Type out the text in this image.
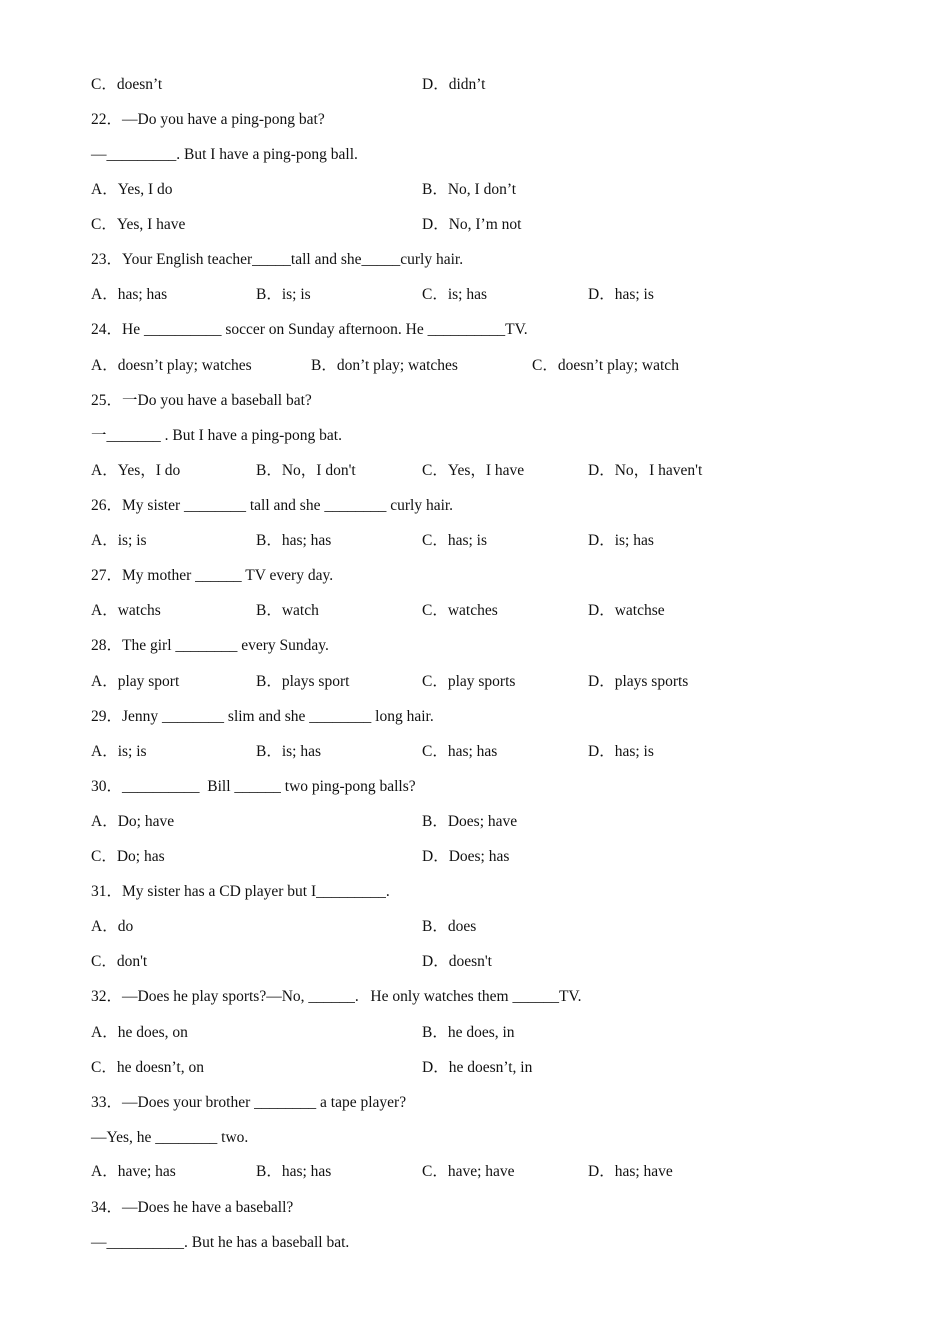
C．doesn’t	D．didn’t
22．—Do you have a ping-pong bat?
—_________. But I have a ping-pong ball.
A．Yes, I do	B．No, I don’t
C．Yes, I have	D．No, I’m not
23．Your English teacher_____tall and she_____curly hair.
A．has; has	B．is; is	C．is; has	D．has; is
24．He __________ soccer on Sunday afternoon. He __________TV.
A．doesn’t play; watches	B．don’t play; watches	C．doesn’t play; watch
25．一Do you have a baseball bat?
一_______ . But I have a ping-pong bat.
A．Yes，I do	B．No，I don't	C．Yes，I have	D．No，I haven't
26．My sister ________ tall and she ________ curly hair.
A．is; is	B．has; has	C．has; is	D．is; has
27．My mother ______ TV every day.
A．watchs	B．watch	C．watches	D．watchse
28．The girl ________ every Sunday.
A．play sport	B．plays sport	C．play sports	D．plays sports
29．Jenny ________ slim and she ________ long hair.
A．is; is	B．is; has	C．has; has	D．has; is
30．__________  Bill ______ two ping-pong balls?
A．Do; have	B．Does; have
C．Do; has	D．Does; has
31．My sister has a CD player but I_________.
A．do	B．does
C．don't	D．doesn't
32．—Does he play sports?—No, ______.   He only watches them ______TV.
A．he does, on	B．he does, in
C．he doesn’t, on	D．he doesn’t, in
33．—Does your brother ________ a tape player?
—Yes, he ________ two.
A．have; has	B．has; has	C．have; have	D．has; have
34．—Does he have a baseball?
—__________. But he has a baseball bat.
